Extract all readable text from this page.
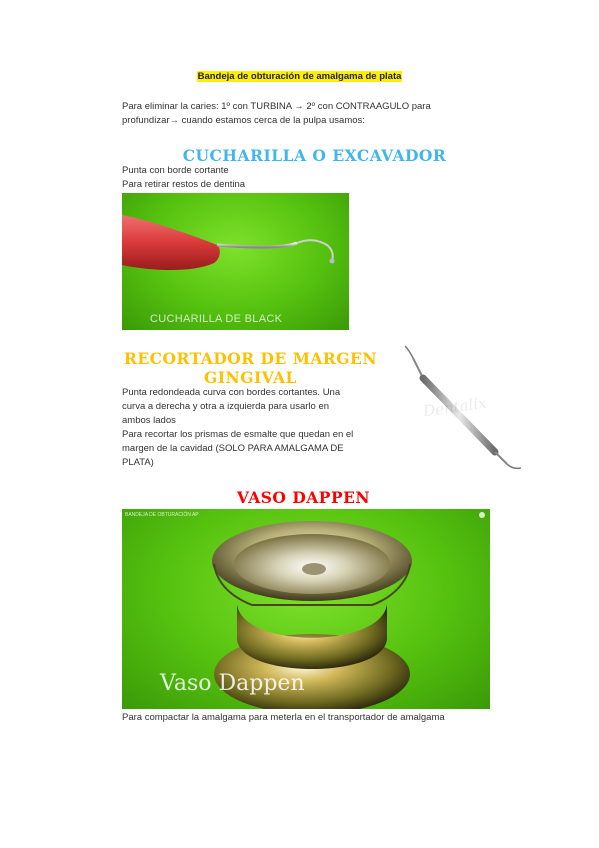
Bandeja de obturación de amalgama de plata
Para eliminar la caries: 1º con TURBINA → 2º con CONTRAAGULO para
profundizar→ cuando estamos cerca de la pulpa usamos:
CUCHARILLA O EXCAVADOR
Punta con borde cortante
Para retirar restos de dentina
CUCHARILLA DE BLACK
RECORTADOR DE MARGEN
GINGIVAL
Punta redondeada curva con bordes cortantes. Una
curva a derecha y otra a izquierda para usarlo en
ambos lados
Para recortar los prismas de esmalte que quedan en el
margen de la cavidad (SOLO PARA AMALGAMA DE
PLATA)
Dentalix
VASO DAPPEN
BANDEJA DE OBTURACIÓN AP
Vaso Dappen
Para compactar la amalgama para meterla en el transportador de amalgama
